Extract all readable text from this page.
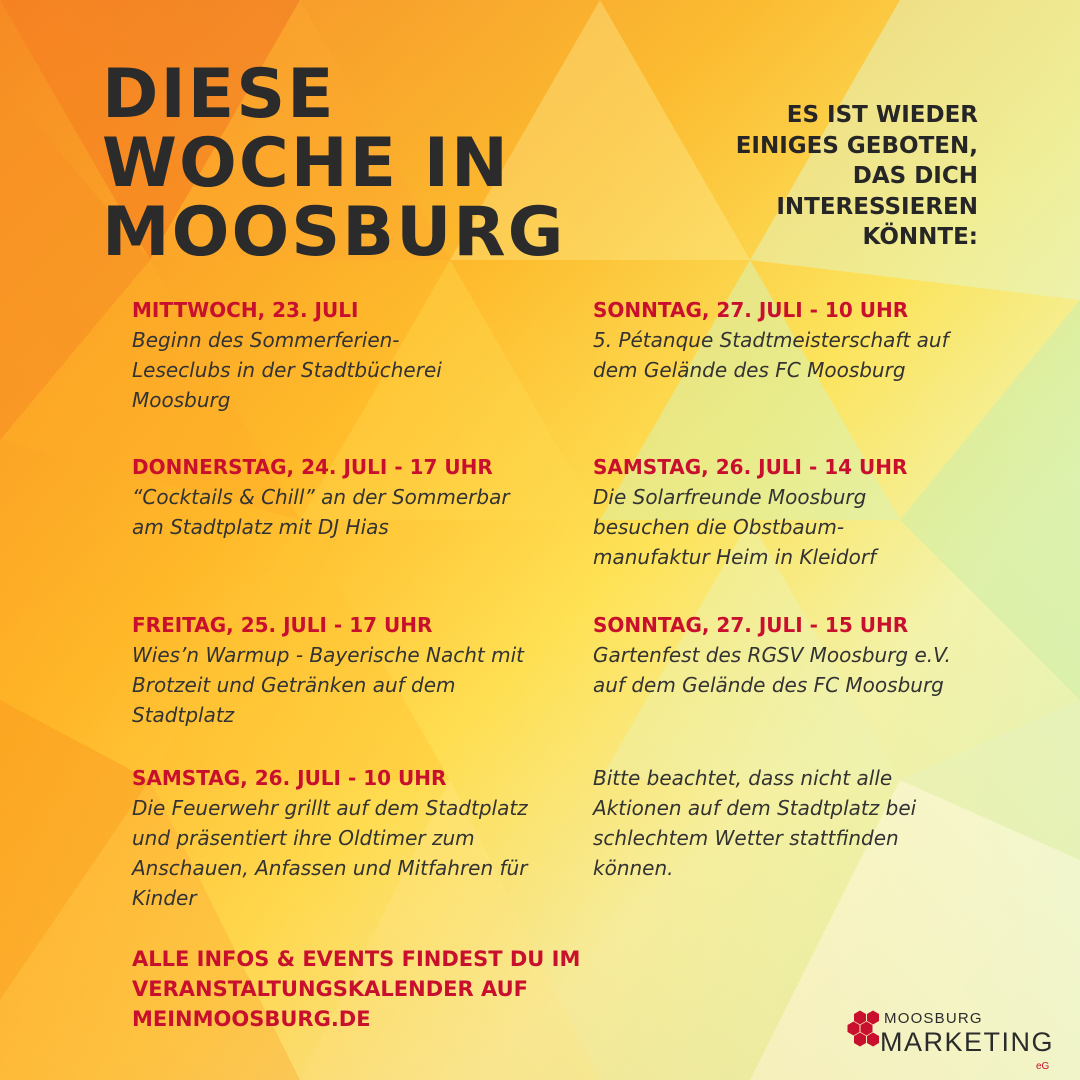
DIESE
WOCHE IN
MOOSBURG
ES IST WIEDER
EINIGES GEBOTEN,
DAS DICH
INTERESSIEREN
KÖNNTE:
MITTWOCH, 23. JULI

Beginn des Sommerferien-Leseclubs in der Stadtbücherei Moosburg

DONNERSTAG, 24. JULI - 17 UHR

“Cocktails & Chill” an der Sommerbar am Stadtplatz mit DJ Hias

FREITAG, 25. JULI - 17 UHR

Wies’n Warmup - Bayerische Nacht mit Brotzeit und Getränken auf dem Stadtplatz

SAMSTAG, 26. JULI - 10 UHR

Die Feuerwehr grillt auf dem Stadtplatz und präsentiert ihre Oldtimer zum Anschauen, Anfassen und Mitfahren für Kinder

SONNTAG, 27. JULI - 10 UHR

5. Pétanque Stadtmeisterschaft auf dem Gelände des FC Moosburg

SAMSTAG, 26. JULI - 14 UHR

Die Solarfreunde Moosburg besuchen die Obstbaum-manufaktur Heim in Kleidorf

SONNTAG, 27. JULI - 15 UHR

Gartenfest des RGSV Moosburg e.V. auf dem Gelände des FC Moosburg

Bitte beachtet, dass nicht alle Aktionen auf dem Stadtplatz bei schlechtem Wetter stattfinden können.

ALLE INFOS & EVENTS FINDEST DU IM
VERANSTALTUNGSKALENDER AUF
MEINMOOSBURG.DE	MOOSBURG
MARKETING
eG
